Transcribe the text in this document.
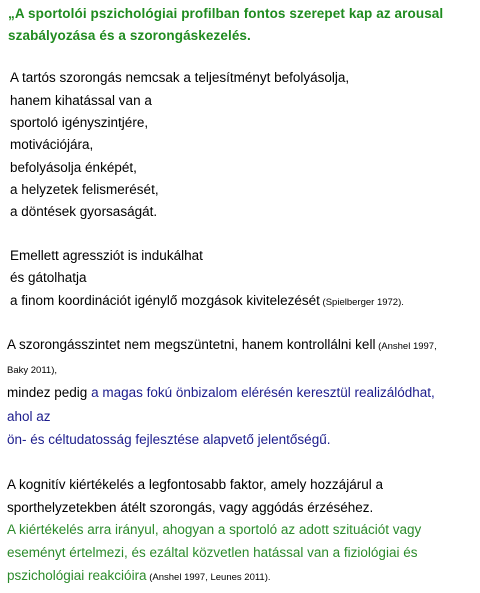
„A sportolói pszichológiai profilban fontos szerepet kap az arousal szabályozása és a szorongáskezelés.
A tartós szorongás nemcsak a teljesítményt befolyásolja,
hanem kihatással van a
sportoló igényszintjére,
motivációjára,
befolyásolja énképét,
a helyzetek felismerését,
a döntések gyorsaságát.
Emellett agressziót is indukálhat
és gátolhatja
a finom koordinációt igénylő mozgások kivitelezését (Spielberger 1972).
A szorongásszintet nem megszüntetni, hanem kontrollálni kell (Anshel 1997,
Baky 2011),
mindez pedig a magas fokú önbizalom elérésén keresztül realizálódhat,
ahol az
ön- és céltudatosság fejlesztése alapvető jelentőségű.
A kognitív kiértékelés a legfontosabb faktor, amely hozzájárul a
sporthelyzetekben átélt szorongás, vagy aggódás érzéséhez.
A kiértékelés arra irányul, ahogyan a sportoló az adott szituációt vagy
eseményt értelmezi, és ezáltal közvetlen hatással van a fiziológiai és
pszichológiai reakcióira (Anshel 1997, Leunes 2011).
